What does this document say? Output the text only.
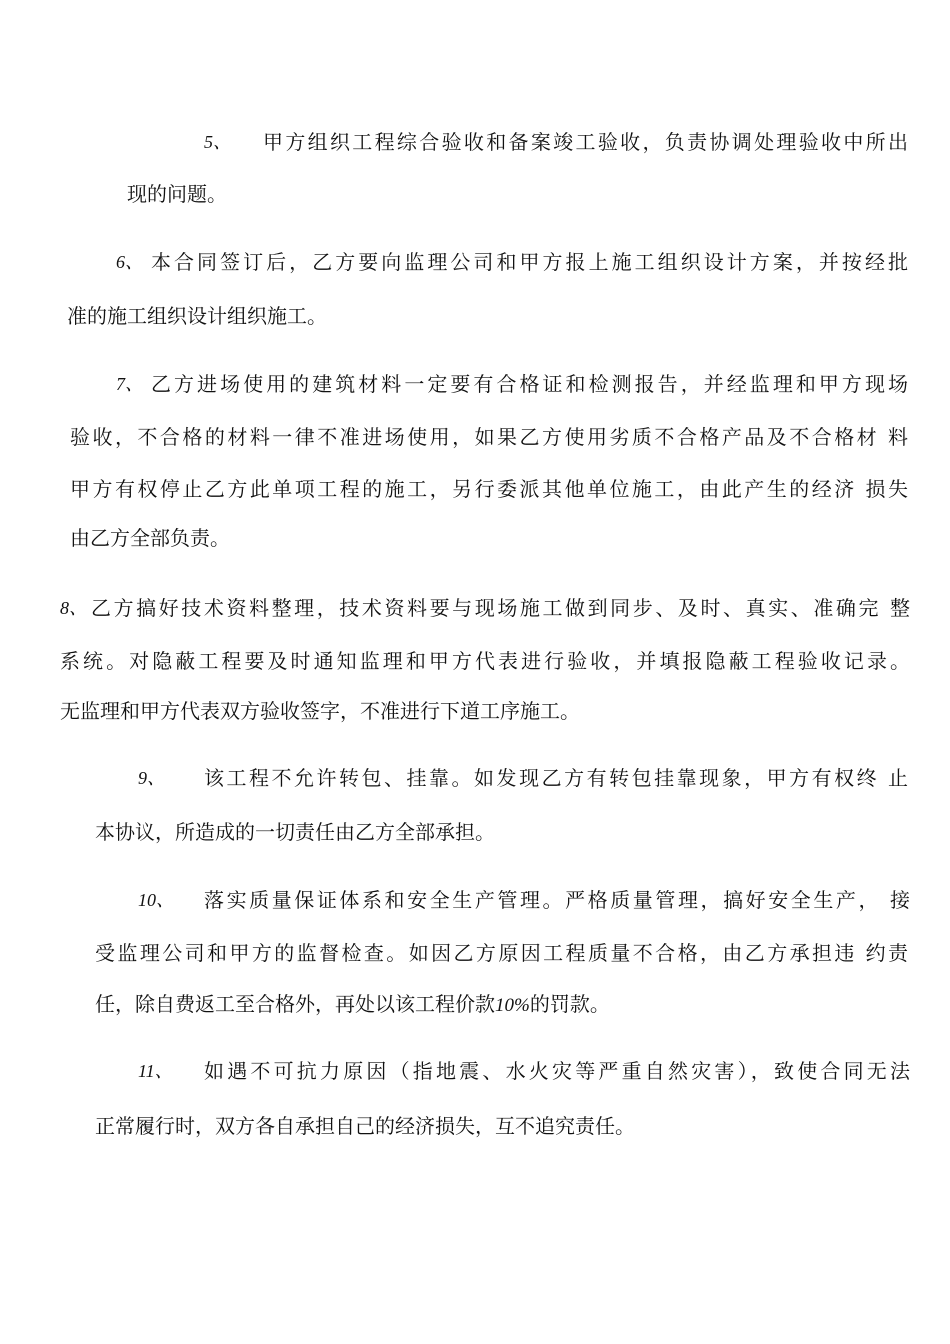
5、 甲方组织工程综合验收和备案竣工验收，负责协调处理验收中所出
现的问题。
6、 本合同签订后，乙方要向监理公司和甲方报上施工组织设计方案，并按经批
准的施工组织设计组织施工。
7、 乙方进场使用的建筑材料一定要有合格证和检测报告，并经监理和甲方现场
验收，不合格的材料一律不准进场使用，如果乙方使用劣质不合格产品及不合格材 料
甲方有权停止乙方此单项工程的施工，另行委派其他单位施工，由此产生的经济 损失
由乙方全部负责。
8、 乙方搞好技术资料整理，技术资料要与现场施工做到同步、及时、真实、准确完 整
系统。对隐蔽工程要及时通知监理和甲方代表进行验收，并填报隐蔽工程验收记录。
无监理和甲方代表双方验收签字，不准进行下道工序施工。
9、 该工程不允许转包、挂靠。如发现乙方有转包挂靠现象，甲方有权终 止
本协议，所造成的一切责任由乙方全部承担。
10、 落实质量保证体系和安全生产管理。严格质量管理，搞好安全生产， 接
受监理公司和甲方的监督检查。如因乙方原因工程质量不合格，由乙方承担违 约责
任，除自费返工至合格外，再处以该工程价款10%的罚款。
11、 如遇不可抗力原因（指地震、水火灾等严重自然灾害），致使合同无法
正常履行时，双方各自承担自己的经济损失，互不追究责任。
